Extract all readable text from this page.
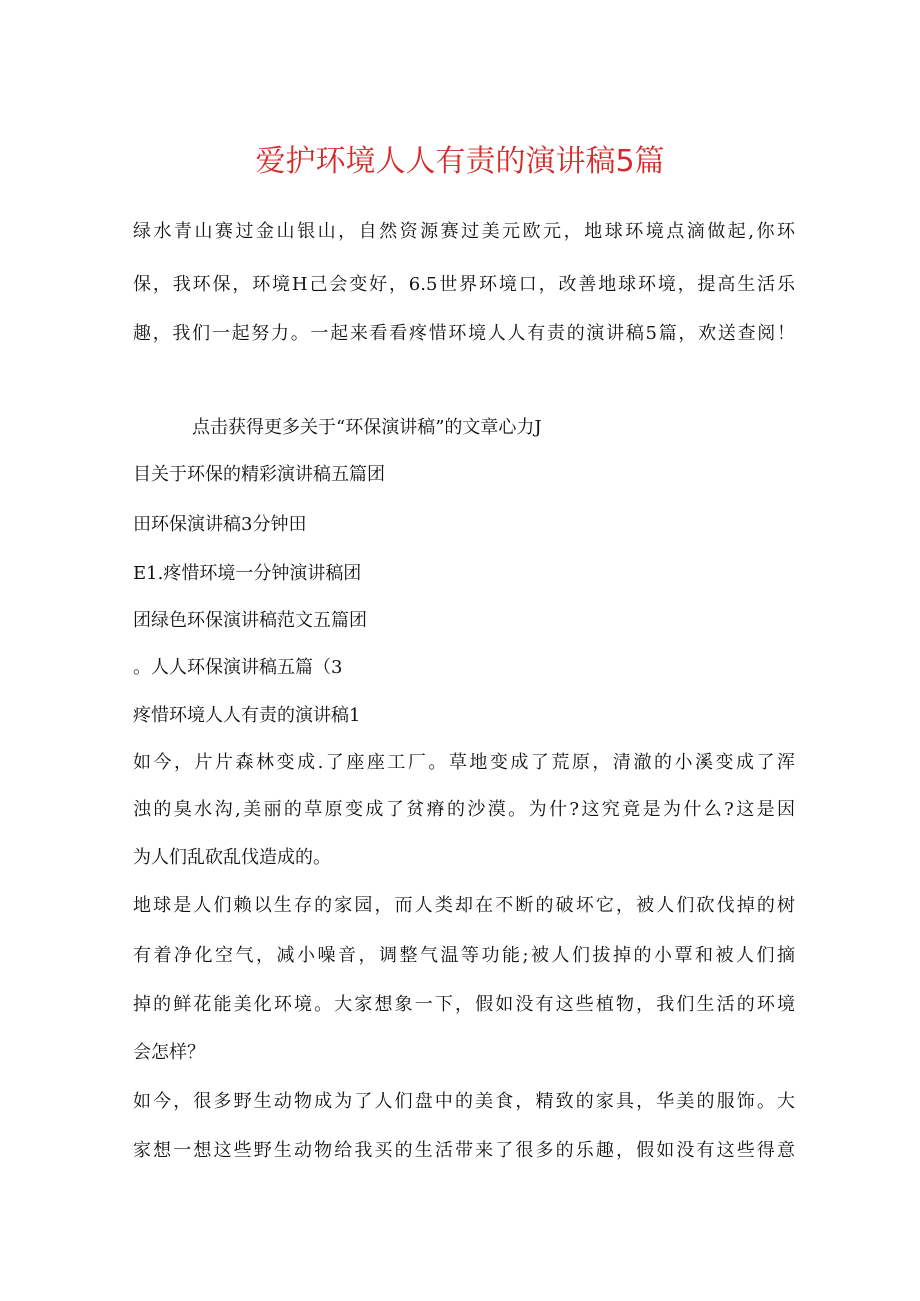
爱护环境人人有责的演讲稿5篇
绿水青山赛过金山银山，自然资源赛过美元欧元，地球环境点滴做起,你环
保，我环保，环境H己会变好，6.5世界环境口，改善地球环境，提高生活乐
趣，我们一起努力。一起来看看疼惜环境人人有责的演讲稿5篇，欢送查阅！
点击获得更多关于“环保演讲稿”的文章心力J
目关于环保的精彩演讲稿五篇团
田环保演讲稿3分钟田
E1.疼惜环境一分钟演讲稿团
团绿色环保演讲稿范文五篇团
。人人环保演讲稿五篇（3
疼惜环境人人有责的演讲稿1
如今，片片森林变成.了座座工厂。草地变成了荒原，清澈的小溪变成了浑
浊的臭水沟,美丽的草原变成了贫瘠的沙漠。为什?这究竟是为什么?这是因
为人们乱砍乱伐造成的。
地球是人们赖以生存的家园，而人类却在不断的破坏它，被人们砍伐掉的树
有着净化空气，减小噪音，调整气温等功能;被人们拔掉的小覃和被人们摘
掉的鲜花能美化环境。大家想象一下，假如没有这些植物，我们生活的环境
会怎样？
如今，很多野生动物成为了人们盘中的美食，精致的家具，华美的服饰。大
家想一想这些野生动物给我买的生活带来了很多的乐趣，假如没有这些得意
